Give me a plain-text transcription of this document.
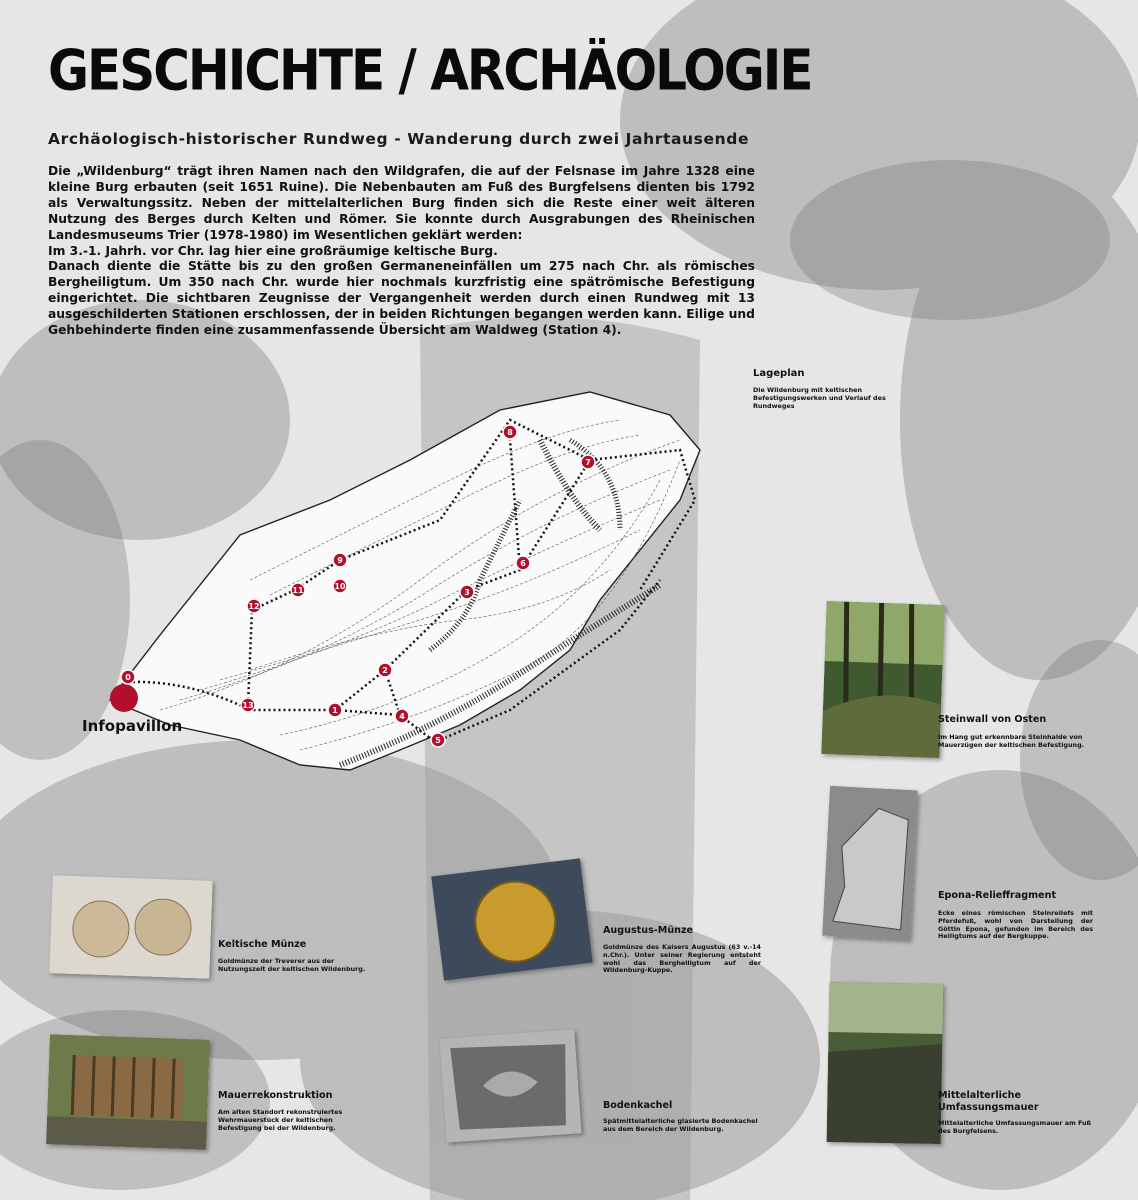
GESCHICHTE / ARCHÄOLOGIE
Archäologisch-historischer Rundweg - Wanderung durch zwei Jahrtausende

Die „Wildenburg“ trägt ihren Namen nach den Wildgrafen, die auf der Felsnase im Jahre 1328 eine kleine Burg erbauten (seit 1651 Ruine). Die Nebenbauten am Fuß des Burgfelsens dienten bis 1792 als Verwaltungssitz. Neben der mittelalterlichen Burg finden sich die Reste einer weit älteren Nutzung des Berges durch Kelten und Römer. Sie konnte durch Ausgrabungen des Rheinischen Landesmuseums Trier (1978-1980) im Wesentlichen geklärt werden:

Im 3.-1. Jahrh. vor Chr. lag hier eine großräumige keltische Burg.

Danach diente die Stätte bis zu den großen Germaneneinfällen um 275 nach Chr. als römisches Bergheiligtum. Um 350 nach Chr. wurde hier nochmals kurzfristig eine spätrömische Befestigung eingerichtet. Die sichtbaren Zeugnisse der Vergangenheit werden durch einen Rundweg mit 13 ausgeschilderten Stationen erschlossen, der in beiden Richtungen begangen werden kann. Eilige und Gehbehinderte finden eine zusammenfassende Übersicht am Waldweg (Station 4).

0
1
2
3
4
5
6
7
8
9
10
11
12
13
Infopavillon
Lageplan
Die Wildenburg mit keltischen Befestigungswerken und Verlauf des Rundweges
Steinwall von Osten
Im Hang gut erkennbare Steinhalde von Mauerzügen der keltischen Befestigung.
Epona-Relieffragment
Ecke eines römischen Steinreliefs mit Pferdefuß, wohl von Darstellung der Göttin Epona, gefunden im Bereich des Heiligtums auf der Bergkuppe.
Mittelalterliche Umfassungsmauer
Mittelalterliche Umfassungsmauer am Fuß des Burgfelsens.
Keltische Münze
Goldmünze der Treverer aus der Nutzungszeit der keltischen Wildenburg.
Augustus-Münze
Goldmünze des Kaisers Augustus (63 v.-14 n.Chr.). Unter seiner Regierung entsteht wohl das Bergheiligtum auf der Wildenburg-Kuppe.
Mauerrekonstruktion
Am alten Standort rekonstruiertes Wehrmauerstück der keltischen Befestigung bei der Wildenburg.
Bodenkachel
Spätmittelalterliche glasierte Bodenkachel aus dem Bereich der Wildenburg.
